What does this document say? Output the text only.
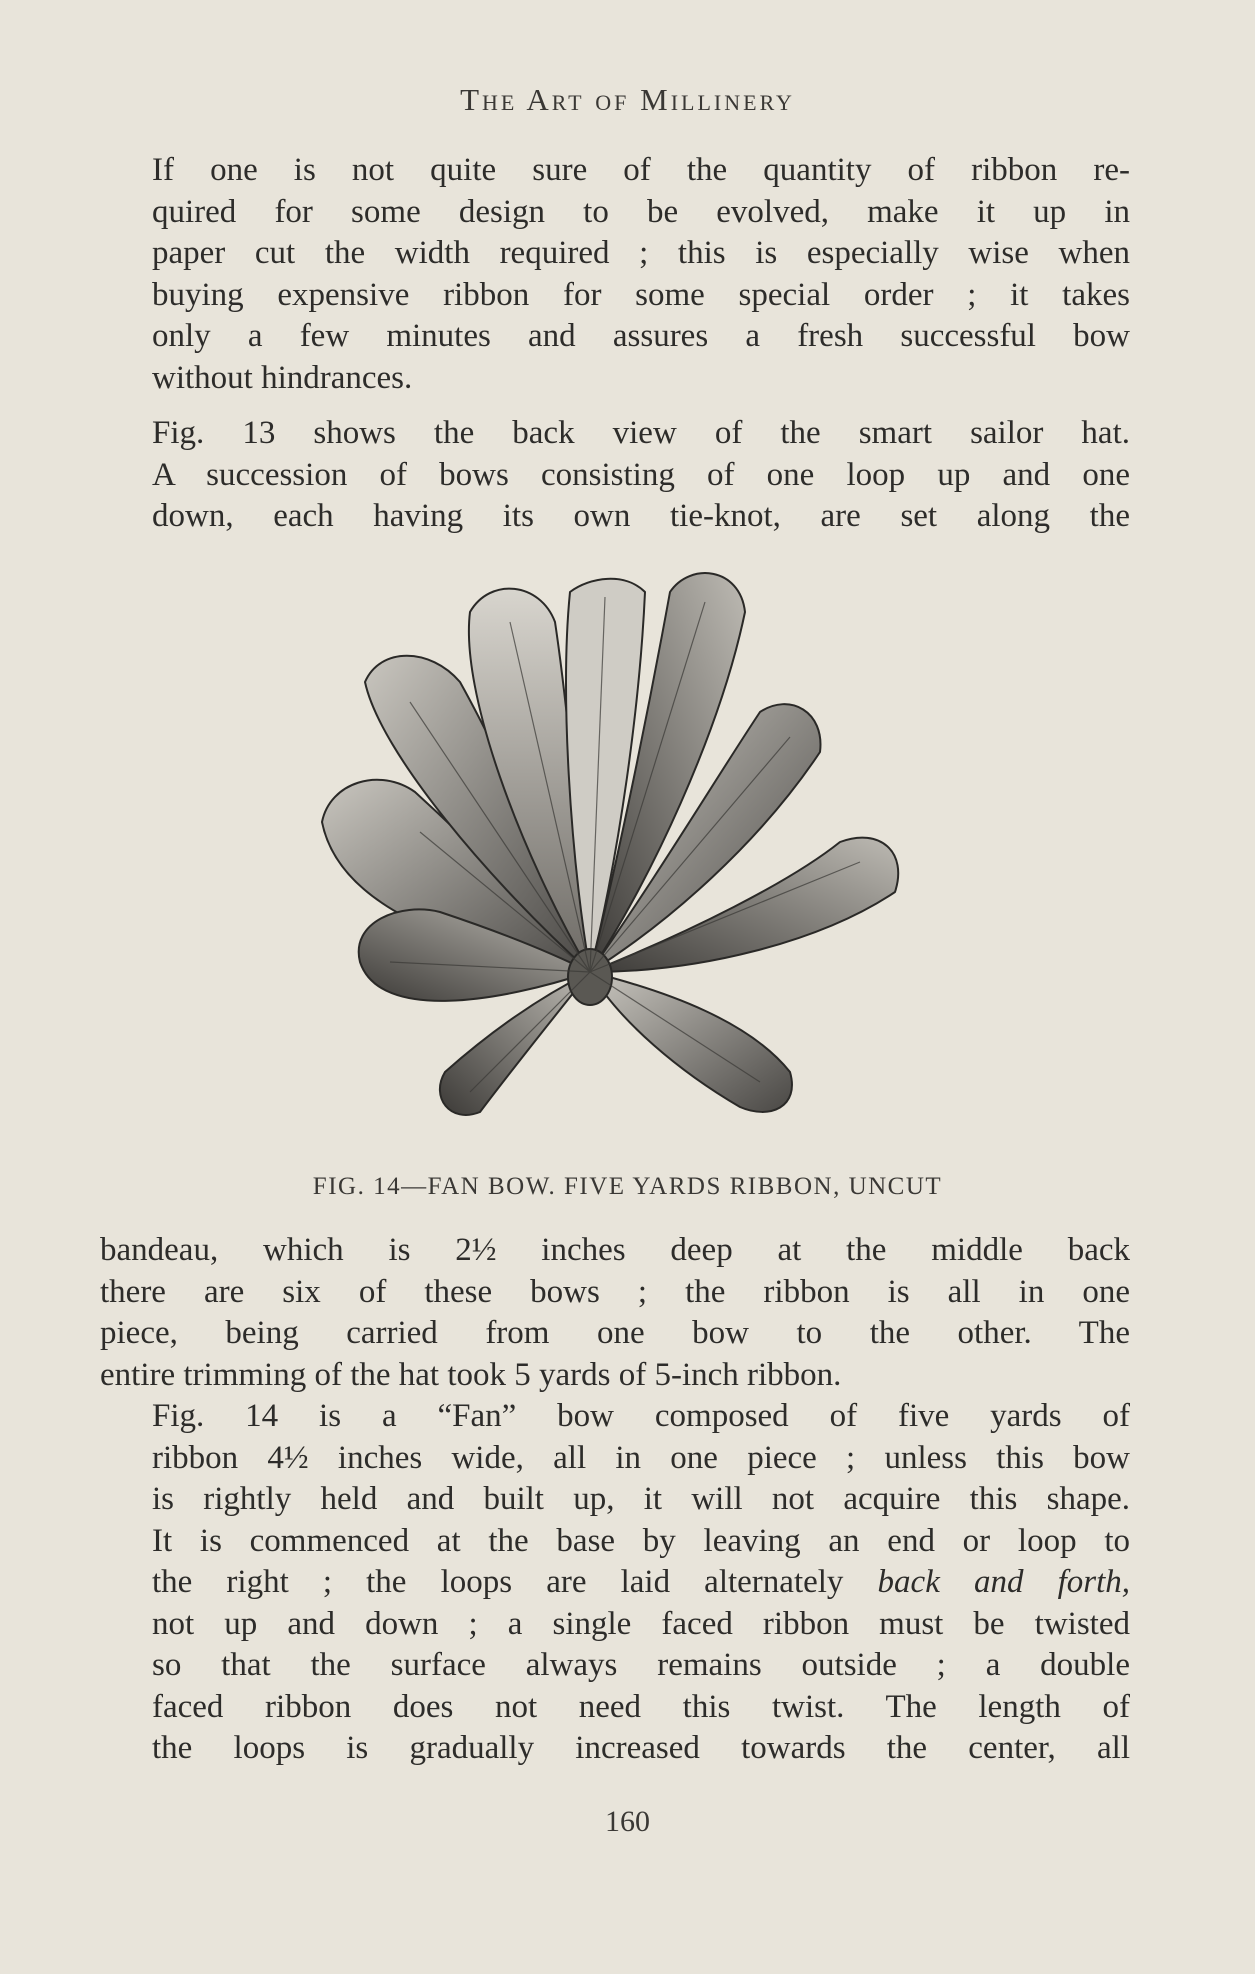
The Art of Millinery

If one is not quite sure of the quantity of ribbon re-
quired for some design to be evolved, make it up in
paper cut the width required ; this is especially wise when
buying expensive ribbon for some special order ; it takes
only a few minutes and assures a fresh successful bow
without hindrances.

Fig. 13 shows the back view of the smart sailor hat.
A succession of bows consisting of one loop up and one
down, each having its own tie-knot, are set along the

FIG. 14—FAN BOW. FIVE YARDS RIBBON, UNCUT

bandeau, which is 2½ inches deep at the middle back
there are six of these bows ; the ribbon is all in one
piece, being carried from one bow to the other. The
entire trimming of the hat took 5 yards of 5-inch ribbon.

Fig. 14 is a “Fan” bow composed of five yards of
ribbon 4½ inches wide, all in one piece ; unless this bow
is rightly held and built up, it will not acquire this shape.
It is commenced at the base by leaving an end or loop to
the right ; the loops are laid alternately back and forth,
not up and down ; a single faced ribbon must be twisted
so that the surface always remains outside ; a double
faced ribbon does not need this twist. The length of
the loops is gradually increased towards the center, all

160
